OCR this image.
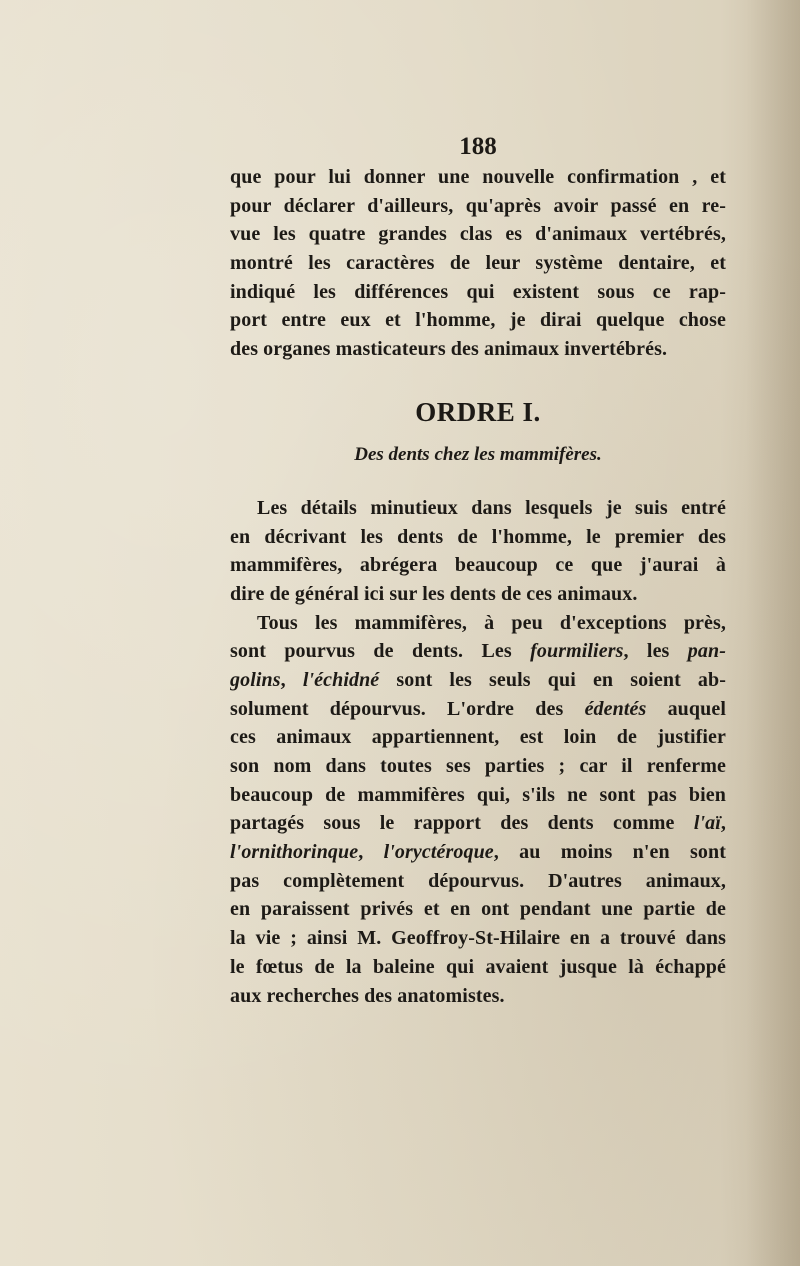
188
que pour lui donner une nouvelle confirmation , et
pour déclarer d'ailleurs, qu'après avoir passé en re-
vue les quatre grandes clas es d'animaux vertébrés,
montré les caractères de leur système dentaire, et
indiqué les différences qui existent sous ce rap-
port entre eux et l'homme, je dirai quelque chose
des organes masticateurs des animaux invertébrés.
ORDRE I.
Des dents chez les mammifères.
Les détails minutieux dans lesquels je suis entré
en décrivant les dents de l'homme, le premier des
mammifères, abrégera beaucoup ce que j'aurai à
dire de général ici sur les dents de ces animaux.
Tous les mammifères, à peu d'exceptions près,
sont pourvus de dents. Les fourmiliers, les pan-
golins, l'échidné sont les seuls qui en soient ab-
solument dépourvus. L'ordre des édentés auquel
ces animaux appartiennent, est loin de justifier
son nom dans toutes ses parties ; car il renferme
beaucoup de mammifères qui, s'ils ne sont pas bien
partagés sous le rapport des dents comme l'aï,
l'ornithorinque, l'oryctéroque, au moins n'en sont
pas complètement dépourvus. D'autres animaux,
en paraissent privés et en ont pendant une partie de
la vie ; ainsi M. Geoffroy-St-Hilaire en a trouvé dans
le fœtus de la baleine qui avaient jusque là échappé
aux recherches des anatomistes.
